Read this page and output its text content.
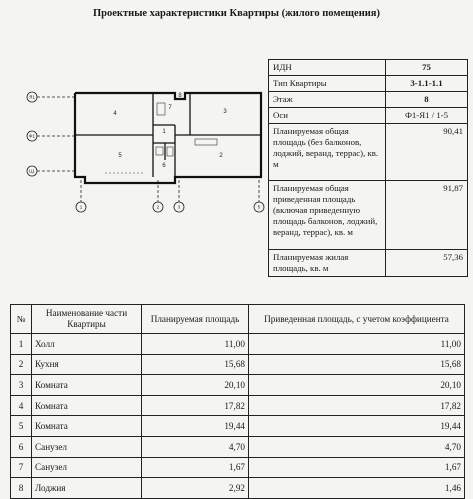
Проектные характеристики Квартиры (жилого помещения)
4	3
5	2
1
6
7
8
Я1
Ф1
Ц1
1	2	3	5
ИДН	75
Тип Квартиры	3-1.1-1.1
Этаж	8
Оси	Ф1-Я1 / 1-5
Планируемая общая площадь (без балконов, лоджий, веранд, террас), кв. м	90,41
Планируемая общая приведенная площадь (включая приведенную площадь балконов, лоджий, веранд, террас), кв. м	91,87
Планируемая жилая площадь, кв. м	57,36
№	Наименование части Квартиры	Планируемая площадь	Приведенная площадь, с учетом коэффициента
1	Холл	11,00	11,00
2	Кухня	15,68	15,68
3	Комната	20,10	20,10
4	Комната	17,82	17,82
5	Комната	19,44	19,44
6	Санузел	4,70	4,70
7	Санузел	1,67	1,67
8	Лоджия	2,92	1,46
